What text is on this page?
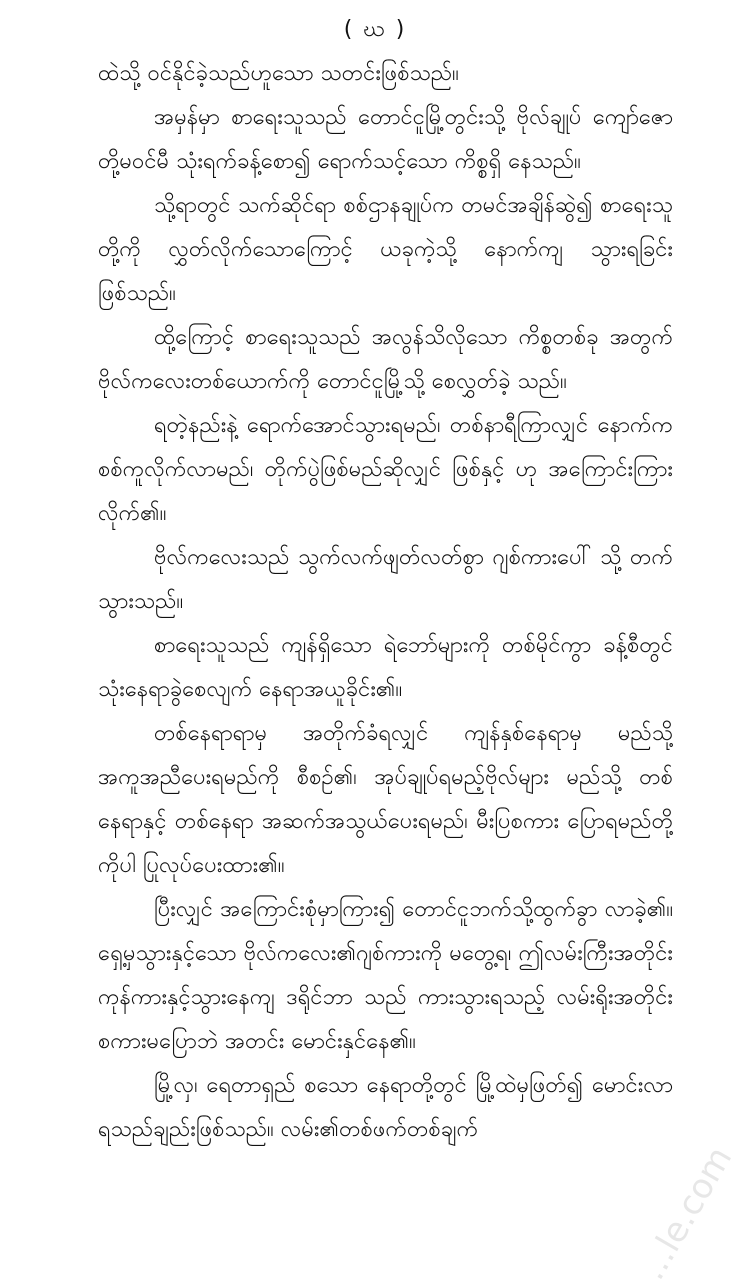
( ဃ )

ထဲသို့ ဝင်နိုင်ခဲ့သည်ဟူသော သတင်းဖြစ်သည်။

အမှန်မှာ စာရေးသူသည် တောင်ငူမြို့တွင်းသို့ ဗိုလ်ချုပ် ကျော်ဇောတို့မဝင်မီ သုံးရက်ခန့်စော၍ ရောက်သင့်သော ကိစ္စရှိ နေသည်။

သို့ရာတွင် သက်ဆိုင်ရာ စစ်ဌာနချုပ်က တမင်အချိန်ဆွဲ၍ စာရေးသူတို့ကို လွှတ်လိုက်သောကြောင့် ယခုကဲ့သို့ နောက်ကျ သွားရခြင်း ဖြစ်သည်။

ထို့ကြောင့် စာရေးသူသည် အလွန်သိလိုသော ကိစ္စတစ်ခု အတွက် ဗိုလ်ကလေးတစ်ယောက်ကို တောင်ငူမြို့သို့ စေလွှတ်ခဲ့ သည်။

ရတဲ့နည်းနဲ့ ရောက်အောင်သွားရမည်၊ တစ်နာရီကြာလျှင် နောက်က စစ်ကူလိုက်လာမည်၊ တိုက်ပွဲဖြစ်မည်ဆိုလျှင် ဖြစ်နှင့် ဟု အကြောင်းကြား လိုက်၏။

ဗိုလ်ကလေးသည် သွက်လက်ဖျတ်လတ်စွာ ဂျစ်ကားပေါ် သို့ တက်သွားသည်။

စာရေးသူသည် ကျန်ရှိသော ရဲဘော်များကို တစ်မိုင်ကွာ ခန့်စီတွင် သုံးနေရာခွဲစေလျက် နေရာအယူခိုင်း၏။

တစ်နေရာရာမှ အတိုက်ခံရလျှင် ကျန်နှစ်နေရာမှ မည်သို့ အကူအညီပေးရမည်ကို စီစဉ်၏၊ အုပ်ချုပ်ရမည့်ဗိုလ်များ မည်သို့ တစ်နေရာနှင့် တစ်နေရာ အဆက်အသွယ်ပေးရမည်၊ မီးပြစကား ပြောရမည်တို့ကိုပါ ပြုလုပ်ပေးထား၏။

ပြီးလျှင် အကြောင်းစုံမှာကြား၍ တောင်ငူဘက်သို့ထွက်ခွာ လာခဲ့၏။ ရှေ့မှသွားနှင့်သော ဗိုလ်ကလေး၏ဂျစ်ကားကို မတွေ့ရ၊ ဤလမ်းကြီးအတိုင်း ကုန်ကားနှင့်သွားနေကျ ဒရိုင်ဘာ သည် ကားသွားရသည့် လမ်းရိုးအတိုင်း စကားမပြောဘဲ အတင်း မောင်းနှင်နေ၏။

မြို့လှ၊ ရေတာရှည် စသော နေရာတို့တွင် မြို့ထဲမှဖြတ်၍ မောင်းလာရသည်ချည်းဖြစ်သည်။ လမ်း၏တစ်ဖက်တစ်ချက်

...le.com
